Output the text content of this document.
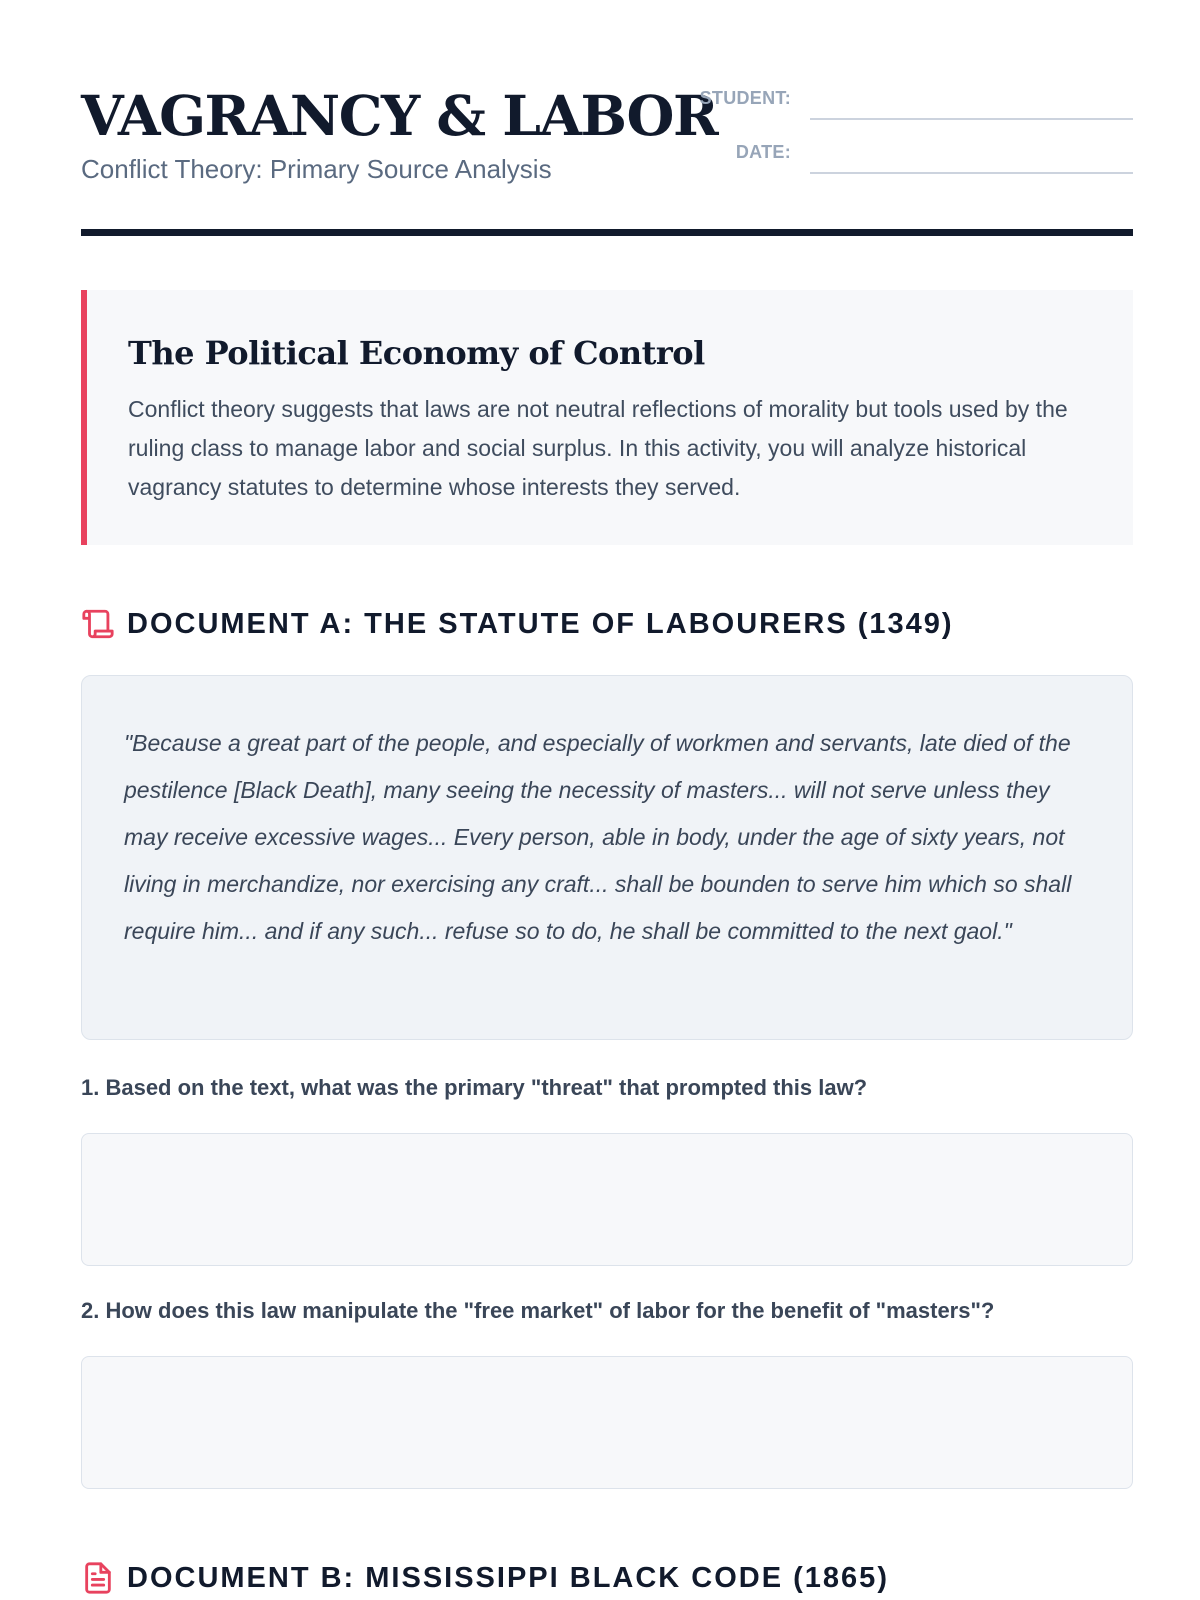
VAGRANCY & LABOR
Conflict Theory: Primary Source Analysis
STUDENT:
DATE:
The Political Economy of Control
Conflict theory suggests that laws are not neutral reflections of morality but tools used by the ruling class to manage labor and social surplus. In this activity, you will analyze historical vagrancy statutes to determine whose interests they served.
DOCUMENT A: THE STATUTE OF LABOURERS (1349)
"Because a great part of the people, and especially of workmen and servants, late died of the pestilence [Black Death], many seeing the necessity of masters... will not serve unless they may receive excessive wages... Every person, able in body, under the age of sixty years, not living in merchandize, nor exercising any craft... shall be bounden to serve him which so shall require him... and if any such... refuse so to do, he shall be committed to the next gaol."
1. Based on the text, what was the primary "threat" that prompted this law?
2. How does this law manipulate the "free market" of labor for the benefit of "masters"?
DOCUMENT B: MISSISSIPPI BLACK CODE (1865)
